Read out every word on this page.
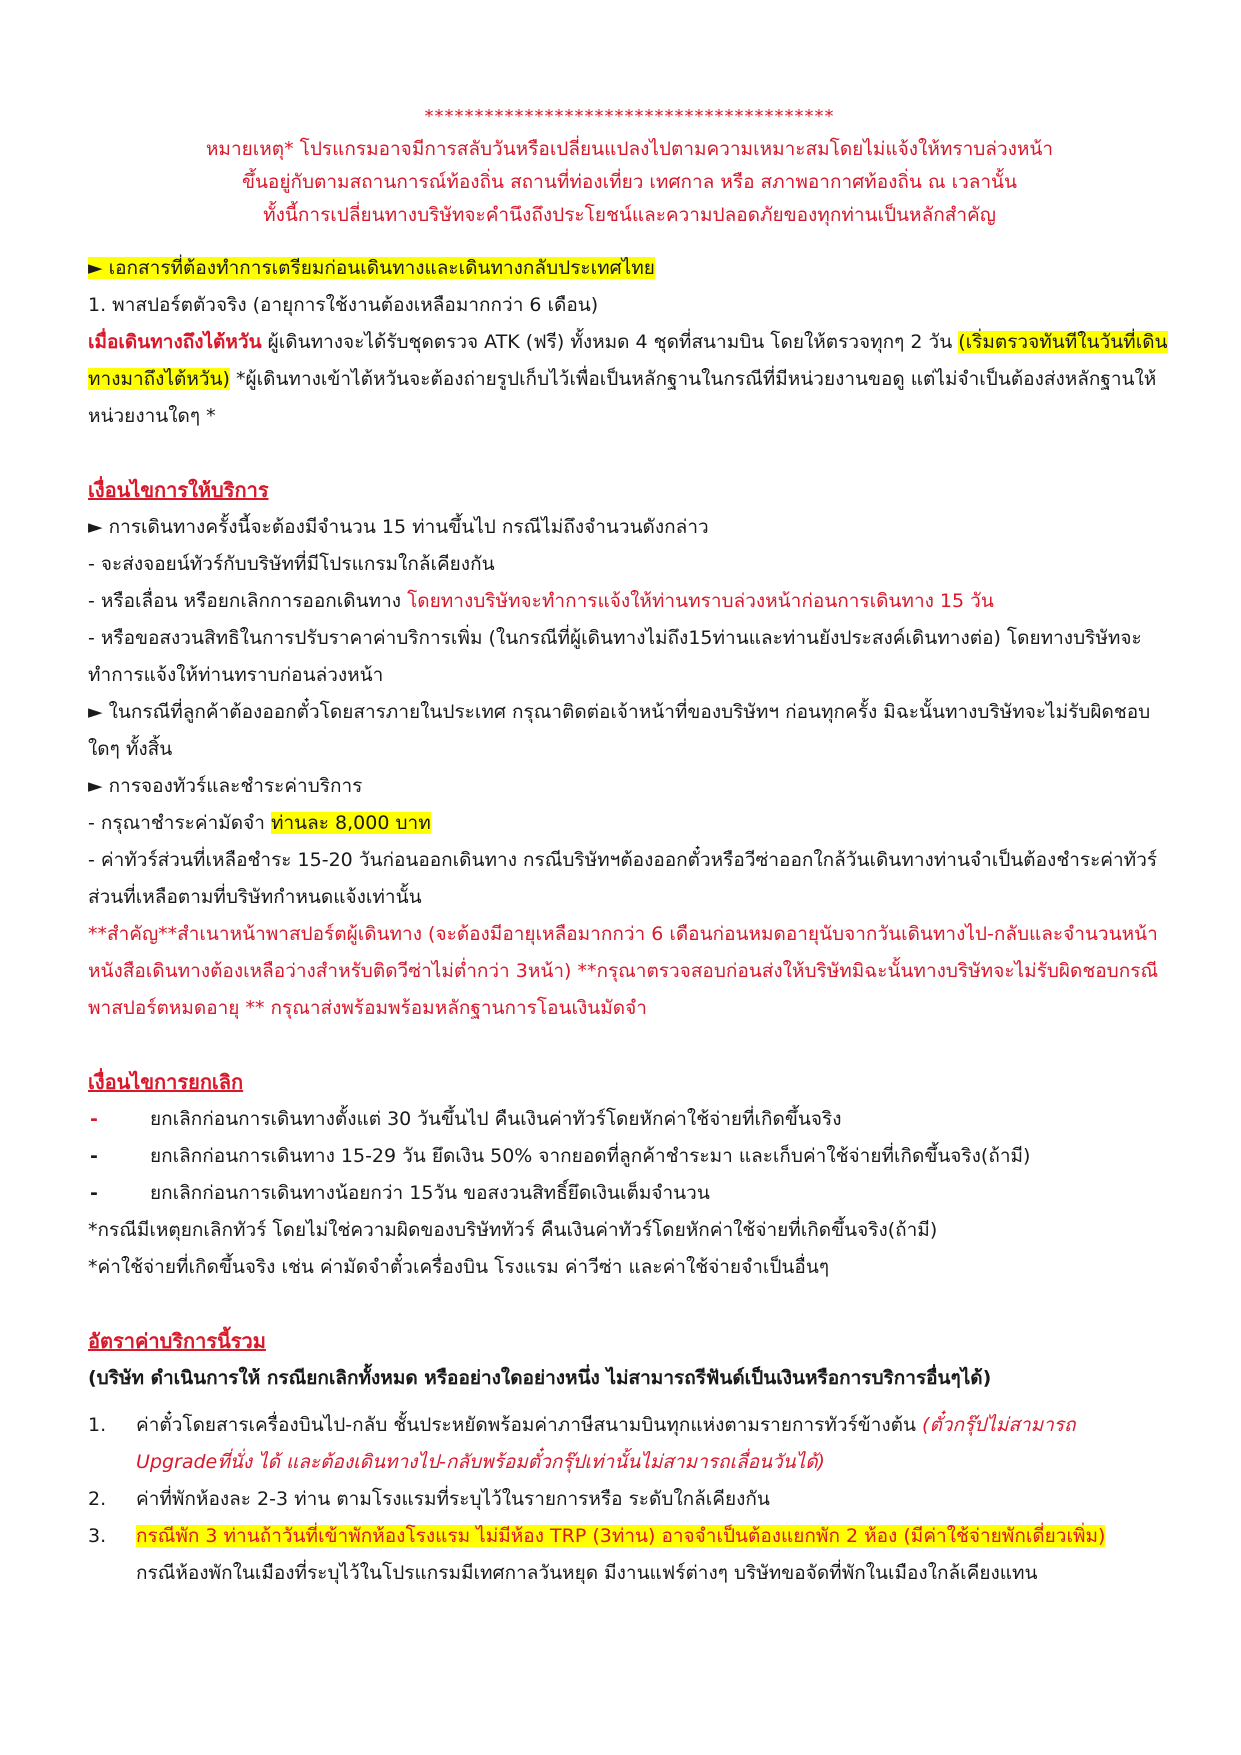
*****************************************

หมายเหตุ* โปรแกรมอาจมีการสลับวันหรือเปลี่ยนแปลงไปตามความเหมาะสมโดยไม่แจ้งให้ทราบล่วงหน้า

ขึ้นอยู่กับตามสถานการณ์ท้องถิ่น สถานที่ท่องเที่ยว เทศกาล หรือ สภาพอากาศท้องถิ่น ณ เวลานั้น

ทั้งนี้การเปลี่ยนทางบริษัทจะคำนึงถึงประโยชน์และความปลอดภัยของทุกท่านเป็นหลักสำคัญ

► เอกสารที่ต้องทำการเตรียมก่อนเดินทางและเดินทางกลับประเทศไทย

1. พาสปอร์ตตัวจริง (อายุการใช้งานต้องเหลือมากกว่า 6 เดือน)

เมื่อเดินทางถึงไต้หวัน ผู้เดินทางจะได้รับชุดตรวจ ATK (ฟรี) ทั้งหมด 4 ชุดที่สนามบิน โดยให้ตรวจทุกๆ 2 วัน (เริ่มตรวจทันทีในวันที่เดินทางมาถึงไต้หวัน) *ผู้เดินทางเข้าไต้หวันจะต้องถ่ายรูปเก็บไว้เพื่อเป็นหลักฐานในกรณีที่มีหน่วยงานขอดู แต่ไม่จำเป็นต้องส่งหลักฐานให้หน่วยงานใดๆ *

เงื่อนไขการให้บริการ

► การเดินทางครั้งนี้จะต้องมีจำนวน 15 ท่านขึ้นไป กรณีไม่ถึงจำนวนดังกล่าว

- จะส่งจอยน์ทัวร์กับบริษัทที่มีโปรแกรมใกล้เคียงกัน

- หรือเลื่อน หรือยกเลิกการออกเดินทาง โดยทางบริษัทจะทำการแจ้งให้ท่านทราบล่วงหน้าก่อนการเดินทาง 15 วัน

- หรือขอสงวนสิทธิในการปรับราคาค่าบริการเพิ่ม (ในกรณีที่ผู้เดินทางไม่ถึง15ท่านและท่านยังประสงค์เดินทางต่อ) โดยทางบริษัทจะทำการแจ้งให้ท่านทราบก่อนล่วงหน้า

► ในกรณีที่ลูกค้าต้องออกตั๋วโดยสารภายในประเทศ กรุณาติดต่อเจ้าหน้าที่ของบริษัทฯ ก่อนทุกครั้ง มิฉะนั้นทางบริษัทจะไม่รับผิดชอบใดๆ ทั้งสิ้น

► การจองทัวร์และชำระค่าบริการ

- กรุณาชำระค่ามัดจำ ท่านละ 8,000 บาท

- ค่าทัวร์ส่วนที่เหลือชำระ 15-20 วันก่อนออกเดินทาง กรณีบริษัทฯต้องออกตั๋วหรือวีซ่าออกใกล้วันเดินทางท่านจำเป็นต้องชำระค่าทัวร์ส่วนที่เหลือตามที่บริษัทกำหนดแจ้งเท่านั้น

**สำคัญ**สำเนาหน้าพาสปอร์ตผู้เดินทาง (จะต้องมีอายุเหลือมากกว่า 6 เดือนก่อนหมดอายุนับจากวันเดินทางไป-กลับและจำนวนหน้าหนังสือเดินทางต้องเหลือว่างสำหรับติดวีซ่าไม่ต่ำกว่า 3หน้า) **กรุณาตรวจสอบก่อนส่งให้บริษัทมิฉะนั้นทางบริษัทจะไม่รับผิดชอบกรณีพาสปอร์ตหมดอายุ ** กรุณาส่งพร้อมพร้อมหลักฐานการโอนเงินมัดจำ

เงื่อนไขการยกเลิก

-	ยกเลิกก่อนการเดินทางตั้งแต่ 30 วันขึ้นไป คืนเงินค่าทัวร์โดยหักค่าใช้จ่ายที่เกิดขึ้นจริง
-	ยกเลิกก่อนการเดินทาง 15-29 วัน ยึดเงิน 50% จากยอดที่ลูกค้าชำระมา และเก็บค่าใช้จ่ายที่เกิดขึ้นจริง(ถ้ามี)
-	ยกเลิกก่อนการเดินทางน้อยกว่า 15วัน ขอสงวนสิทธิ์ยึดเงินเต็มจำนวน

*กรณีมีเหตุยกเลิกทัวร์ โดยไม่ใช่ความผิดของบริษัททัวร์ คืนเงินค่าทัวร์โดยหักค่าใช้จ่ายที่เกิดขึ้นจริง(ถ้ามี)

*ค่าใช้จ่ายที่เกิดขึ้นจริง เช่น ค่ามัดจำตั๋วเครื่องบิน โรงแรม ค่าวีซ่า และค่าใช้จ่ายจำเป็นอื่นๆ

อัตราค่าบริการนี้รวม

(บริษัท ดำเนินการให้ กรณียกเลิกทั้งหมด หรืออย่างใดอย่างหนึ่ง ไม่สามารถรีฟันด์เป็นเงินหรือการบริการอื่นๆได้)

1.	ค่าตั๋วโดยสารเครื่องบินไป-กลับ ชั้นประหยัดพร้อมค่าภาษีสนามบินทุกแห่งตามรายการทัวร์ข้างต้น (ตั๋วกรุ๊ปไม่สามารถ Upgradeที่นั่ง ได้ และต้องเดินทางไป-กลับพร้อมตั๋วกรุ๊ปเท่านั้นไม่สามารถเลื่อนวันได้)
2.	ค่าที่พักห้องละ 2-3 ท่าน ตามโรงแรมที่ระบุไว้ในรายการหรือ ระดับใกล้เคียงกัน
3.	กรณีพัก 3 ท่านถ้าวันที่เข้าพักห้องโรงแรม ไม่มีห้อง TRP (3ท่าน) อาจจำเป็นต้องแยกพัก 2 ห้อง (มีค่าใช้จ่ายพักเดี่ยวเพิ่ม)
กรณีห้องพักในเมืองที่ระบุไว้ในโปรแกรมมีเทศกาลวันหยุด มีงานแฟร์ต่างๆ บริษัทขอจัดที่พักในเมืองใกล้เคียงแทน
